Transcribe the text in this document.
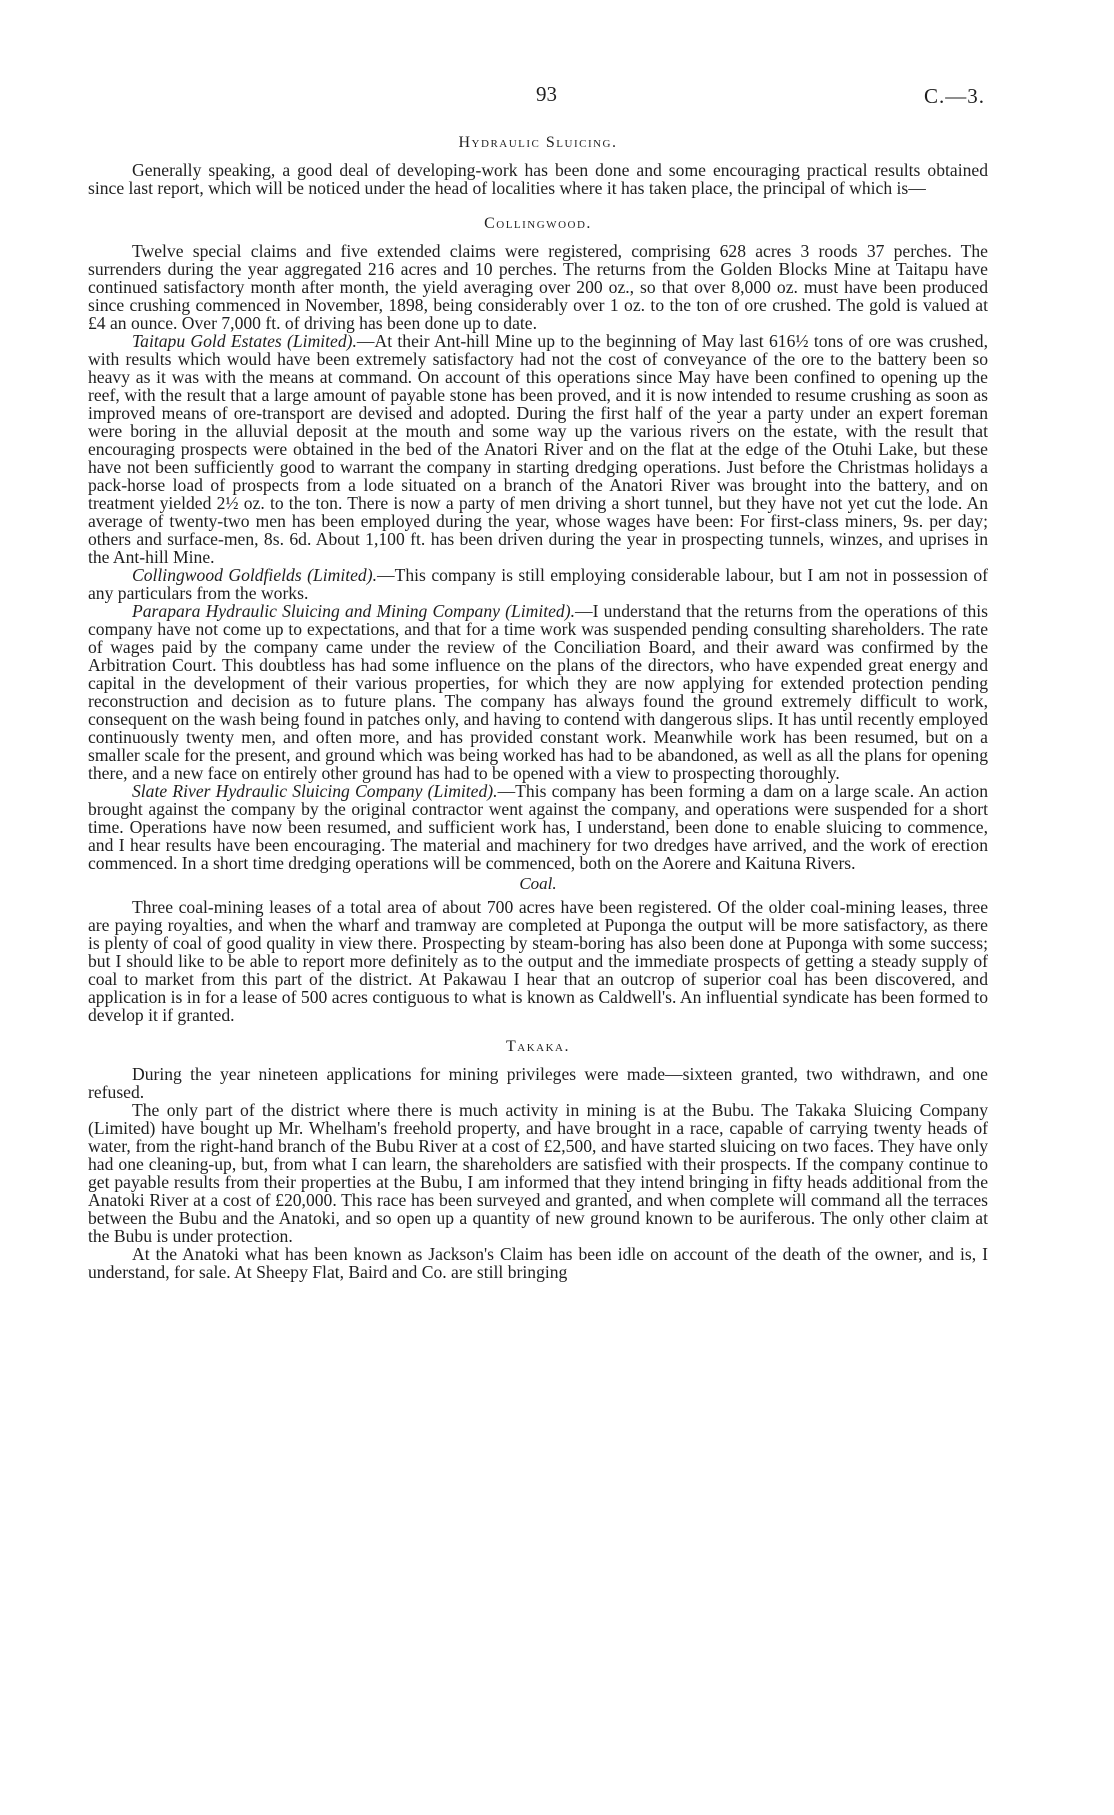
93	C.—3.
Hydraulic Sluicing.

Generally speaking, a good deal of developing-work has been done and some encouraging practical results obtained since last report, which will be noticed under the head of localities where it has taken place, the principal of which is—

Collingwood.

Twelve special claims and five extended claims were registered, comprising 628 acres 3 roods 37 perches. The surrenders during the year aggregated 216 acres and 10 perches. The returns from the Golden Blocks Mine at Taitapu have continued satisfactory month after month, the yield averaging over 200 oz., so that over 8,000 oz. must have been produced since crushing commenced in November, 1898, being considerably over 1 oz. to the ton of ore crushed. The gold is valued at £4 an ounce. Over 7,000 ft. of driving has been done up to date.

Taitapu Gold Estates (Limited).—At their Ant-hill Mine up to the beginning of May last 616½ tons of ore was crushed, with results which would have been extremely satisfactory had not the cost of conveyance of the ore to the battery been so heavy as it was with the means at command. On account of this operations since May have been confined to opening up the reef, with the result that a large amount of payable stone has been proved, and it is now intended to resume crushing as soon as improved means of ore-transport are devised and adopted. During the first half of the year a party under an expert foreman were boring in the alluvial deposit at the mouth and some way up the various rivers on the estate, with the result that encouraging prospects were obtained in the bed of the Anatori River and on the flat at the edge of the Otuhi Lake, but these have not been sufficiently good to warrant the company in starting dredging operations. Just before the Christmas holidays a pack-horse load of prospects from a lode situated on a branch of the Anatori River was brought into the battery, and on treatment yielded 2½ oz. to the ton. There is now a party of men driving a short tunnel, but they have not yet cut the lode. An average of twenty-two men has been employed during the year, whose wages have been: For first-class miners, 9s. per day; others and surface-men, 8s. 6d. About 1,100 ft. has been driven during the year in prospecting tunnels, winzes, and uprises in the Ant-hill Mine.

Collingwood Goldfields (Limited).—This company is still employing considerable labour, but I am not in possession of any particulars from the works.

Parapara Hydraulic Sluicing and Mining Company (Limited).—I understand that the returns from the operations of this company have not come up to expectations, and that for a time work was suspended pending consulting shareholders. The rate of wages paid by the company came under the review of the Conciliation Board, and their award was confirmed by the Arbitration Court. This doubtless has had some influence on the plans of the directors, who have expended great energy and capital in the development of their various properties, for which they are now applying for extended protection pending reconstruction and decision as to future plans. The company has always found the ground extremely difficult to work, consequent on the wash being found in patches only, and having to contend with dangerous slips. It has until recently employed continuously twenty men, and often more, and has provided constant work. Meanwhile work has been resumed, but on a smaller scale for the present, and ground which was being worked has had to be abandoned, as well as all the plans for opening there, and a new face on entirely other ground has had to be opened with a view to prospecting thoroughly.

Slate River Hydraulic Sluicing Company (Limited).—This company has been forming a dam on a large scale. An action brought against the company by the original contractor went against the company, and operations were suspended for a short time. Operations have now been resumed, and sufficient work has, I understand, been done to enable sluicing to commence, and I hear results have been encouraging. The material and machinery for two dredges have arrived, and the work of erection commenced. In a short time dredging operations will be commenced, both on the Aorere and Kaituna Rivers.

Coal.

Three coal-mining leases of a total area of about 700 acres have been registered. Of the older coal-mining leases, three are paying royalties, and when the wharf and tramway are completed at Puponga the output will be more satisfactory, as there is plenty of coal of good quality in view there. Prospecting by steam-boring has also been done at Puponga with some success; but I should like to be able to report more definitely as to the output and the immediate prospects of getting a steady supply of coal to market from this part of the district. At Pakawau I hear that an outcrop of superior coal has been discovered, and application is in for a lease of 500 acres contiguous to what is known as Caldwell's. An influential syndicate has been formed to develop it if granted.

Takaka.

During the year nineteen applications for mining privileges were made—sixteen granted, two withdrawn, and one refused.

The only part of the district where there is much activity in mining is at the Bubu. The Takaka Sluicing Company (Limited) have bought up Mr. Whelham's freehold property, and have brought in a race, capable of carrying twenty heads of water, from the right-hand branch of the Bubu River at a cost of £2,500, and have started sluicing on two faces. They have only had one cleaning-up, but, from what I can learn, the shareholders are satisfied with their prospects. If the company continue to get payable results from their properties at the Bubu, I am informed that they intend bringing in fifty heads additional from the Anatoki River at a cost of £20,000. This race has been surveyed and granted, and when complete will command all the terraces between the Bubu and the Anatoki, and so open up a quantity of new ground known to be auriferous. The only other claim at the Bubu is under protection.

At the Anatoki what has been known as Jackson's Claim has been idle on account of the death of the owner, and is, I understand, for sale. At Sheepy Flat, Baird and Co. are still bringing
